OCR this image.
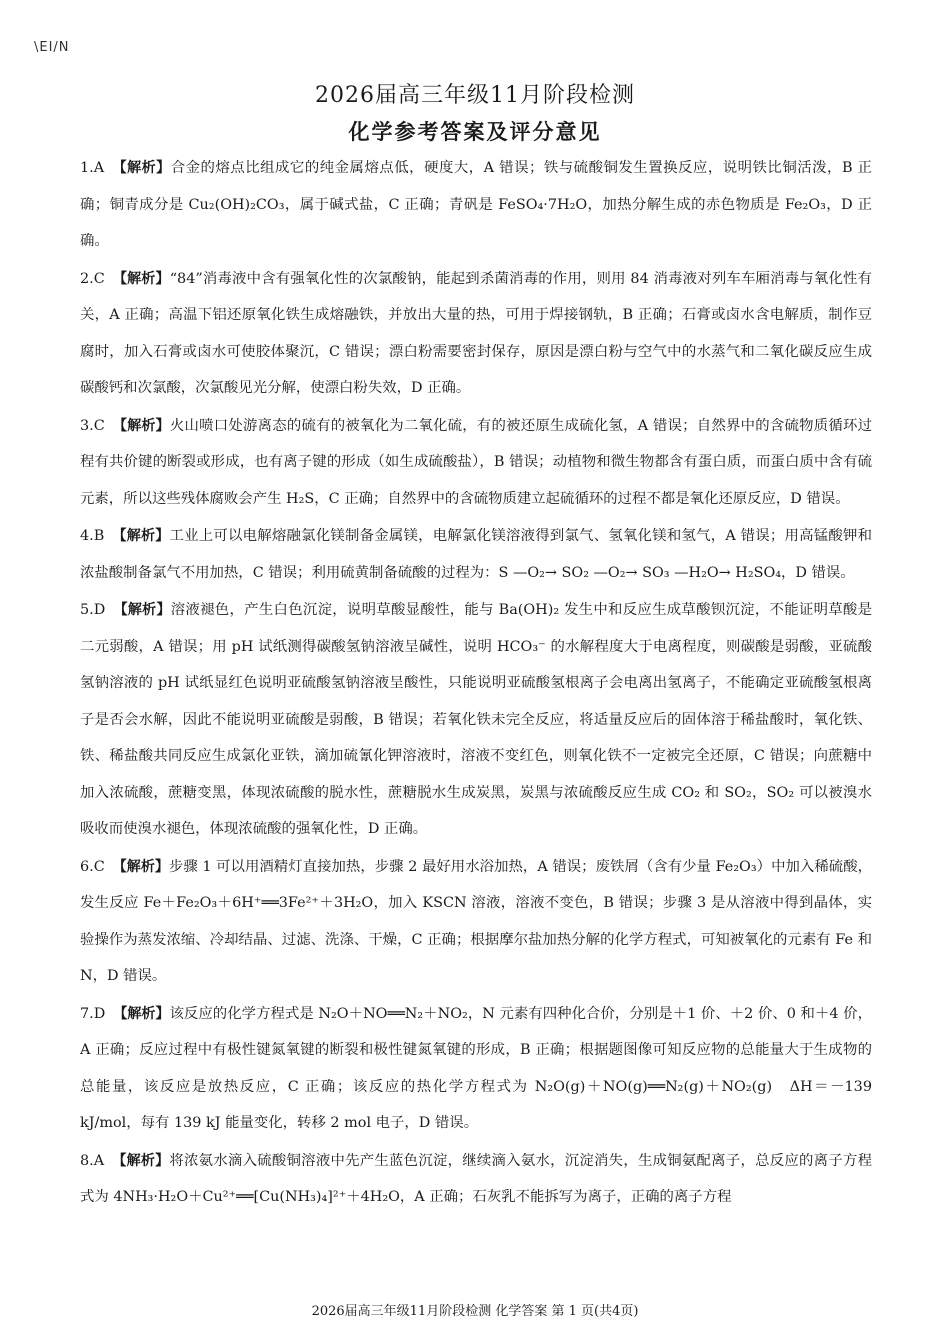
\EI/N
2026届高三年级11月阶段检测
化学参考答案及评分意见
1.A 【解析】合金的熔点比组成它的纯金属熔点低，硬度大，A 错误；铁与硫酸铜发生置换反应，说明铁比铜活泼，B 正确；铜青成分是 Cu₂(OH)₂CO₃，属于碱式盐，C 正确；青矾是 FeSO₄·7H₂O，加热分解生成的赤色物质是 Fe₂O₃，D 正确。
2.C 【解析】“84”消毒液中含有强氧化性的次氯酸钠，能起到杀菌消毒的作用，则用 84 消毒液对列车车厢消毒与氧化性有关，A 正确；高温下铝还原氧化铁生成熔融铁，并放出大量的热，可用于焊接钢轨，B 正确；石膏或卤水含电解质，制作豆腐时，加入石膏或卤水可使胶体聚沉，C 错误；漂白粉需要密封保存，原因是漂白粉与空气中的水蒸气和二氧化碳反应生成碳酸钙和次氯酸，次氯酸见光分解，使漂白粉失效，D 正确。
3.C 【解析】火山喷口处游离态的硫有的被氧化为二氧化硫，有的被还原生成硫化氢，A 错误；自然界中的含硫物质循环过程有共价键的断裂或形成，也有离子键的形成（如生成硫酸盐），B 错误；动植物和微生物都含有蛋白质，而蛋白质中含有硫元素，所以这些残体腐败会产生 H₂S，C 正确；自然界中的含硫物质建立起硫循环的过程不都是氧化还原反应，D 错误。
4.B 【解析】工业上可以电解熔融氯化镁制备金属镁，电解氯化镁溶液得到氯气、氢氧化镁和氢气，A 错误；用高锰酸钾和浓盐酸制备氯气不用加热，C 错误；利用硫黄制备硫酸的过程为：S —O₂→ SO₂ —O₂→ SO₃ —H₂O→ H₂SO₄，D 错误。
5.D 【解析】溶液褪色，产生白色沉淀，说明草酸显酸性，能与 Ba(OH)₂ 发生中和反应生成草酸钡沉淀，不能证明草酸是二元弱酸，A 错误；用 pH 试纸测得碳酸氢钠溶液呈碱性，说明 HCO₃⁻ 的水解程度大于电离程度，则碳酸是弱酸，亚硫酸氢钠溶液的 pH 试纸显红色说明亚硫酸氢钠溶液呈酸性，只能说明亚硫酸氢根离子会电离出氢离子，不能确定亚硫酸氢根离子是否会水解，因此不能说明亚硫酸是弱酸，B 错误；若氧化铁未完全反应，将适量反应后的固体溶于稀盐酸时，氧化铁、铁、稀盐酸共同反应生成氯化亚铁，滴加硫氰化钾溶液时，溶液不变红色，则氧化铁不一定被完全还原，C 错误；向蔗糖中加入浓硫酸，蔗糖变黑，体现浓硫酸的脱水性，蔗糖脱水生成炭黑，炭黑与浓硫酸反应生成 CO₂ 和 SO₂，SO₂ 可以被溴水吸收而使溴水褪色，体现浓硫酸的强氧化性，D 正确。
6.C 【解析】步骤 1 可以用酒精灯直接加热，步骤 2 最好用水浴加热，A 错误；废铁屑（含有少量 Fe₂O₃）中加入稀硫酸，发生反应 Fe＋Fe₂O₃＋6H⁺══3Fe²⁺＋3H₂O，加入 KSCN 溶液，溶液不变色，B 错误；步骤 3 是从溶液中得到晶体，实验操作为蒸发浓缩、冷却结晶、过滤、洗涤、干燥，C 正确；根据摩尔盐加热分解的化学方程式，可知被氧化的元素有 Fe 和 N，D 错误。
7.D 【解析】该反应的化学方程式是 N₂O＋NO══N₂＋NO₂，N 元素有四种化合价，分别是＋1 价、＋2 价、0 和＋4 价，A 正确；反应过程中有极性键氮氧键的断裂和极性键氮氧键的形成，B 正确；根据题图像可知反应物的总能量大于生成物的总能量，该反应是放热反应，C 正确；该反应的热化学方程式为 N₂O(g)＋NO(g)══N₂(g)＋NO₂(g)　ΔH＝－139 kJ/mol，每有 139 kJ 能量变化，转移 2 mol 电子，D 错误。
8.A 【解析】将浓氨水滴入硫酸铜溶液中先产生蓝色沉淀，继续滴入氨水，沉淀消失，生成铜氨配离子，总反应的离子方程式为 4NH₃·H₂O＋Cu²⁺══[Cu(NH₃)₄]²⁺＋4H₂O，A 正确；石灰乳不能拆写为离子，正确的离子方程
2026届高三年级11月阶段检测 化学答案 第 1 页(共4页)
